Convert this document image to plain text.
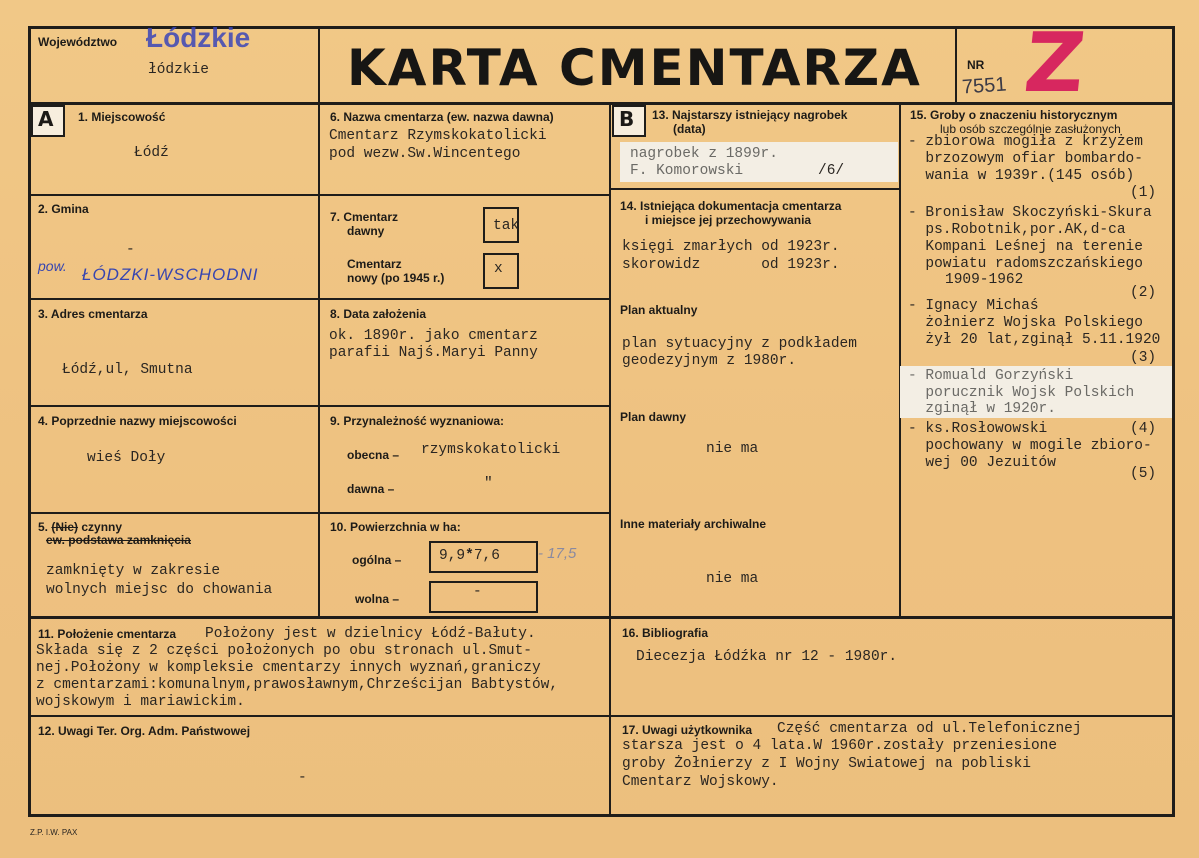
Województwo Łódzkie
łódzkie	KARTA CMENTARZA	NR
7551 Z
A 1. Miejscowość
Łódź
2. Gmina
-
pow. ŁÓDZKI-WSCHODNI
3. Adres cmentarza
Łódź,ul, Smutna
4. Poprzednie nazwy miejscowości
wieś Doły
5. (Nie) czynny
ew. podstawa zamknięcia
zamknięty w zakresie
wolnych miejsc do chowania
6. Nazwa cmentarza (ew. nazwa dawna)
Cmentarz Rzymskokatolicki
pod wezw.Sw.Wincentego
7. Cmentarz
dawny	tak
Cmentarz
nowy (po 1945 r.)
x
8. Data założenia
ok. 1890r. jako cmentarz
parafii Najś.Maryi Panny
9. Przynależność wyznaniowa:
obecna – rzymskokatolicki
dawna –	"
10. Powierzchnia w ha:
ogólna –	9,9*7,6	- 17,5
wolna –	-
B 13. Najstarszy istniejący nagrobek
(data)
nagrobek z 1899r.
F. Komorowski	/6/
14. Istniejąca dokumentacja cmentarza
i miejsce jej przechowywania
księgi zmarłych od 1923r.
skorowidz       od 1923r.
Plan aktualny
plan sytuacyjny z podkładem
geodezyjnym z 1980r.
Plan dawny
nie ma
Inne materiały archiwalne
nie ma
15. Groby o znaczeniu historycznym
lub osób szczególnie zasłużonych
- zbiorowa mogiła z krzyżem
brzozowym ofiar bombardo-
wania w 1939r.(145 osób)
(1)
- Bronisław Skoczyński-Skura
ps.Robotnik,por.AK,d-ca
Kompani Leśnej na terenie
powiatu radomszczańskiego
1909-1962
(2)
- Ignacy Michaś
żołnierz Wojska Polskiego
żył 20 lat,zginął 5.11.1920
(3)
- Romuald Gorzyński
porucznik Wojsk Polskich
zginął w 1920r.
(4)
- ks.Rosłowowski
pochowany w mogile zbioro-
wej 00 Jezuitów
(5)
11. Położenie cmentarza Położony jest w dzielnicy Łódź-Bałuty.
Składa się z 2 części położonych po obu stronach ul.Smut-
nej.Położony w kompleksie cmentarzy innych wyznań,graniczy
z cmentarzami:komunalnym,prawosławnym,Chrześcijan Babtystów,
wojskowym i mariawickim.
16. Bibliografia
Diecezja Łódźka nr 12 - 1980r.
12. Uwagi Ter. Org. Adm. Państwowej
-
17. Uwagi użytkownika Część cmentarza od ul.Telefonicznej
starsza jest o 4 lata.W 1960r.zostały przeniesione
groby Żołnierzy z I Wojny Swiatowej na pobliski
Cmentarz Wojskowy.
Z.P. I.W. PAX
